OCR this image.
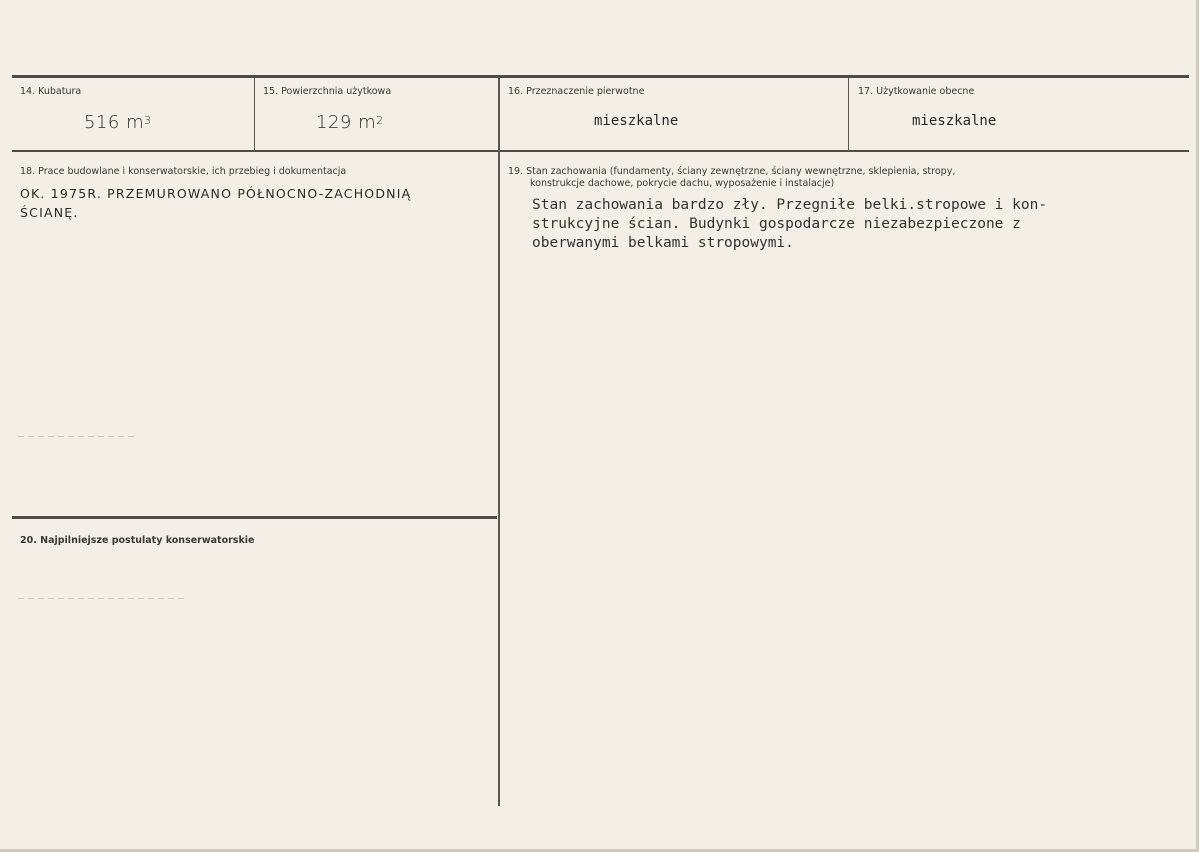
14. Kubatura
516 $m^3$
15. Powierzchnia użytkowa
129 $m^2$
16. Przeznaczenie pierwotne
mieszkalne
17. Użytkowanie obecne
mieszkalne
18. Prace budowlane i konserwatorskie, ich przebieg i dokumentacja
OK. 1975R. PRZEMUROWANO PÓŁNOCNO-ZACHODNIĄ
ŚCIANĘ.
19. Stan zachowania (fundamenty, ściany zewnętrzne, ściany wewnętrzne, sklepienia, stropy,
konstrukcje dachowe, pokrycie dachu, wyposażenie i instalacje)
Stan zachowania bardzo zły. Przegniłe belki.stropowe i kon-
strukcyjne ścian. Budynki gospodarcze niezabezpieczone z
oberwanymi belkami stropowymi.
20. Najpilniejsze postulaty konserwatorskie
